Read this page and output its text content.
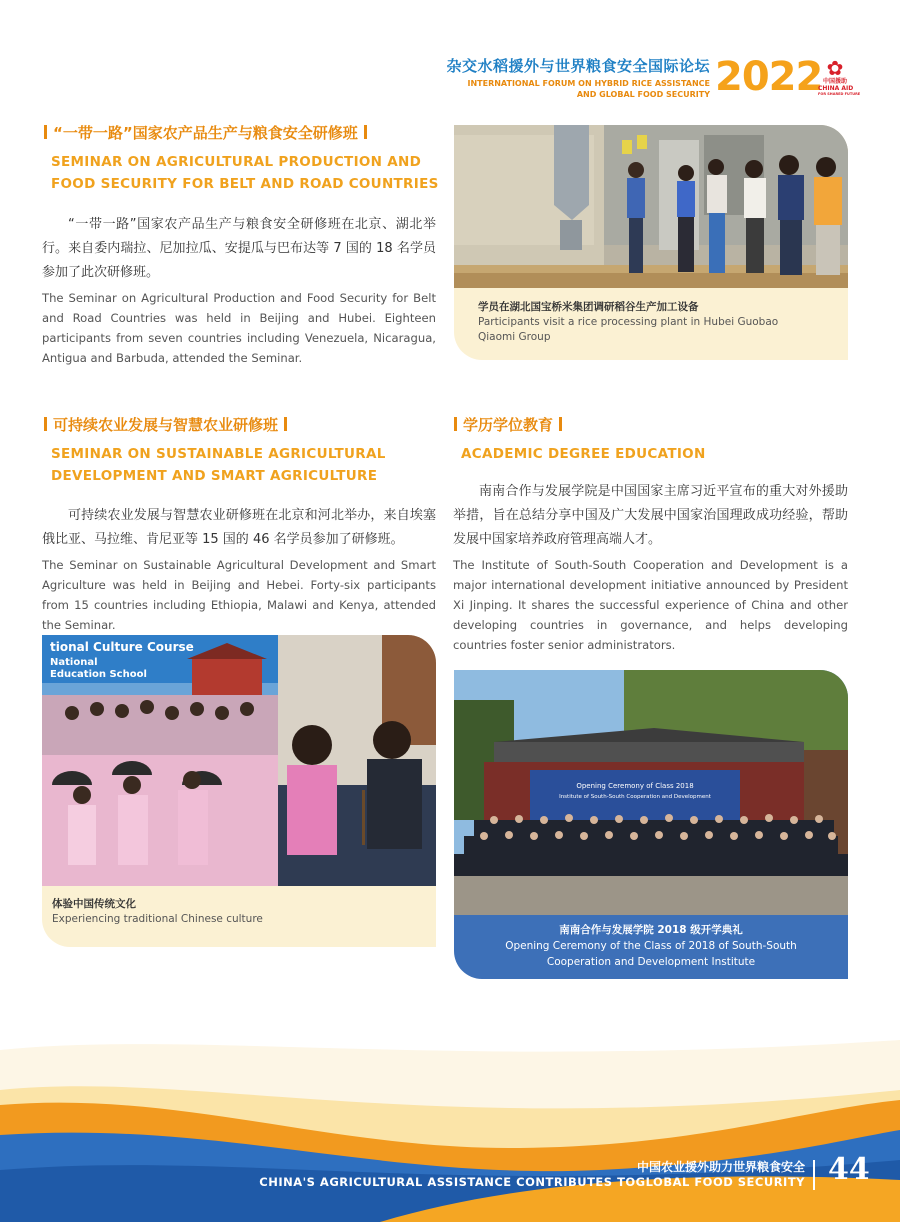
杂交水稻援外与世界粮食安全国际论坛
INTERNATIONAL FORUM ON HYBRID RICE ASSISTANCE
AND GLOBAL FOOD SECURITY 2022 ✿
中国援助
CHINA AID
FOR SHARED FUTURE
“一带一路”国家农产品生产与粮食安全研修班
SEMINAR ON AGRICULTURAL PRODUCTION AND FOOD SECURITY FOR BELT AND ROAD COUNTRIES
“一带一路”国家农产品生产与粮食安全研修班在北京、湖北举行。来自委内瑞拉、尼加拉瓜、安提瓜与巴布达等 7 国的 18 名学员参加了此次研修班。
The Seminar on Agricultural Production and Food Security for Belt and Road Countries was held in Beijing and Hubei. Eighteen participants from seven countries including Venezuela, Nicaragua, Antigua and Barbuda, attended the Seminar.
学员在湖北国宝桥米集团调研稻谷生产加工设备
Participants visit a rice processing plant in Hubei Guobao Qiaomi Group
可持续农业发展与智慧农业研修班
SEMINAR ON SUSTAINABLE AGRICULTURAL DEVELOPMENT AND SMART AGRICULTURE
可持续农业发展与智慧农业研修班在北京和河北举办，来自埃塞俄比亚、马拉维、肯尼亚等 15 国的 46 名学员参加了研修班。
The Seminar on Sustainable Agricultural Development and Smart Agriculture was held in Beijing and Hebei. Forty-six participants from 15 countries including Ethiopia, Malawi and Kenya, attended the Seminar.
tional Culture Course
National
Education School
体验中国传统文化
Experiencing traditional Chinese culture
学历学位教育
ACADEMIC DEGREE EDUCATION
南南合作与发展学院是中国国家主席习近平宣布的重大对外援助举措，旨在总结分享中国及广大发展中国家治国理政成功经验，帮助发展中国家培养政府管理高端人才。
The Institute of South-South Cooperation and Development is a major international development initiative announced by President Xi Jinping. It shares the successful experience of China and other developing countries in governance, and helps developing countries foster senior administrators.
Opening Ceremony of Class 2018
Institute of South-South Cooperation and Development
南南合作与发展学院 2018 级开学典礼
Opening Ceremony of the Class of 2018 of South-South Cooperation and Development Institute
中国农业援外助力世界粮食安全
CHINA'S AGRICULTURAL ASSISTANCE CONTRIBUTES TOGLOBAL FOOD SECURITY 44
